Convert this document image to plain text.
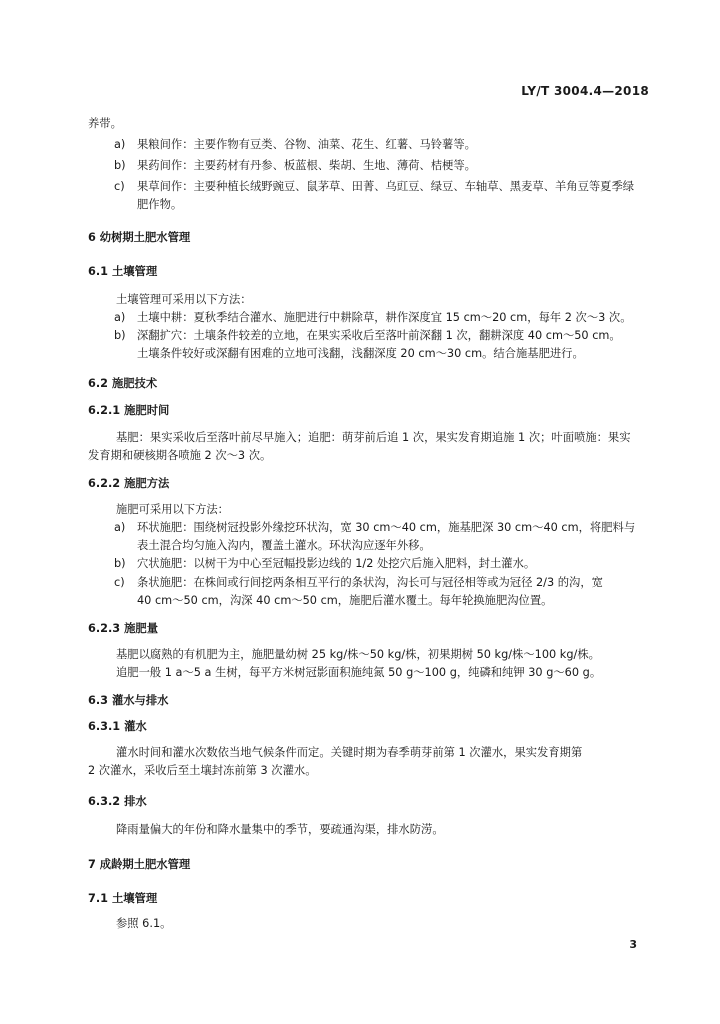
LY/T 3004.4—2018
养带。
a) 果粮间作：主要作物有豆类、谷物、油菜、花生、红薯、马铃薯等。
b) 果药间作：主要药材有丹参、板蓝根、柴胡、生地、薄荷、桔梗等。
c) 果草间作：主要种植长绒野豌豆、鼠茅草、田菁、乌豇豆、绿豆、车轴草、黑麦草、羊角豆等夏季绿
肥作物。
6 幼树期土肥水管理
6.1 土壤管理
土壤管理可采用以下方法：
a) 土壤中耕：夏秋季结合灌水、施肥进行中耕除草，耕作深度宜 15 cm～20 cm，每年 2 次～3 次。
b) 深翻扩穴：土壤条件较差的立地，在果实采收后至落叶前深翻 1 次，翻耕深度 40 cm～50 cm。
土壤条件较好或深翻有困难的立地可浅翻，浅翻深度 20 cm～30 cm。结合施基肥进行。
6.2 施肥技术
6.2.1 施肥时间
基肥：果实采收后至落叶前尽早施入；追肥：萌芽前后追 1 次，果实发育期追施 1 次；叶面喷施：果实
发育期和硬核期各喷施 2 次～3 次。
6.2.2 施肥方法
施肥可采用以下方法：
a) 环状施肥：围绕树冠投影外缘挖环状沟，宽 30 cm～40 cm，施基肥深 30 cm～40 cm，将肥料与
表土混合均匀施入沟内，覆盖土灌水。环状沟应逐年外移。
b) 穴状施肥：以树干为中心至冠幅投影边线的 1/2 处挖穴后施入肥料，封土灌水。
c) 条状施肥：在株间或行间挖两条相互平行的条状沟，沟长可与冠径相等或为冠径 2/3 的沟，宽
40 cm～50 cm，沟深 40 cm～50 cm，施肥后灌水覆土。每年轮换施肥沟位置。
6.2.3 施肥量
基肥以腐熟的有机肥为主，施肥量幼树 25 kg/株～50 kg/株，初果期树 50 kg/株～100 kg/株。
追肥一般 1 a～5 a 生树，每平方米树冠影面积施纯氮 50 g～100 g，纯磷和纯钾 30 g～60 g。
6.3 灌水与排水
6.3.1 灌水
灌水时间和灌水次数依当地气候条件而定。关键时期为春季萌芽前第 1 次灌水，果实发育期第
2 次灌水，采收后至土壤封冻前第 3 次灌水。
6.3.2 排水
降雨量偏大的年份和降水量集中的季节，要疏通沟渠，排水防涝。
7 成龄期土肥水管理
7.1 土壤管理
参照 6.1。
3
